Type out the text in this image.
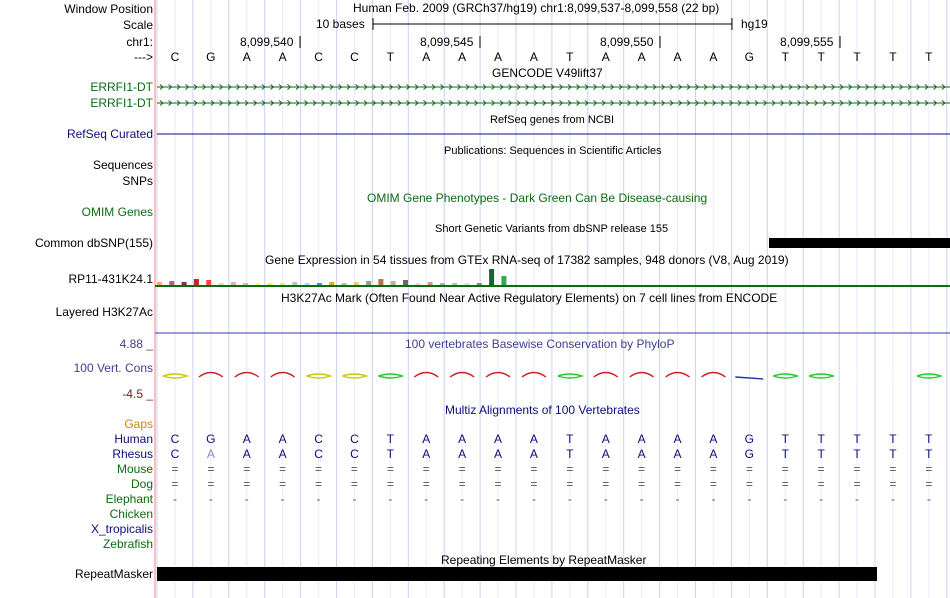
Window Position
Scale
chr1:
--->
Human Feb. 2009 (GRCh37/hg19) chr1:8,099,537-8,099,558 (22 bp)
10 bases	hg19
8,099,540	8,099,545	8,099,550	8,099,555
C	G	A	A	C	C	T	A	A	A	A	T	A	A	A	A	G	T	T	T	T	T
GENCODE V49lift37
ERRFI1-DT
ERRFI1-DT
RefSeq genes from NCBI
RefSeq Curated
Publications: Sequences in Scientific Articles
Sequences
SNPs
OMIM Gene Phenotypes - Dark Green Can Be Disease-causing
OMIM Genes
Short Genetic Variants from dbSNP release 155
Common dbSNP(155)
Gene Expression in 54 tissues from GTEx RNA-seq of 17382 samples, 948 donors (V8, Aug 2019)
RP11-431K24.1
H3K27Ac Mark (Often Found Near Active Regulatory Elements) on 7 cell lines from ENCODE
Layered H3K27Ac
4.88 _	100 vertebrates Basewise Conservation by PhyloP
100 Vert. Cons
-4.5 _
Multiz Alignments of 100 Vertebrates
Gaps
Human	C	G	A	A	C	C	T	A	A	A	A	T	A	A	A	A	G	T	T	T	T	T
Rhesus	C	A	A	A	C	C	T	A	A	A	A	T	A	A	A	A	G	T	T	T	T	T
Mouse	=	=	=	=	=	=	=	=	=	=	=	=	=	=	=	=	=	=	=	=	=	=
Dog	=	=	=	=	=	=	=	=	=	=	=	=	=	=	=	=	=	=	=	=	=	=
Elephant	-	-	-	-	-	-	-	-	-	-	-	-	-	-	-	-	-	-	-	-	-	-
Chicken
X_tropicalis
Zebrafish
Repeating Elements by RepeatMasker
RepeatMasker
